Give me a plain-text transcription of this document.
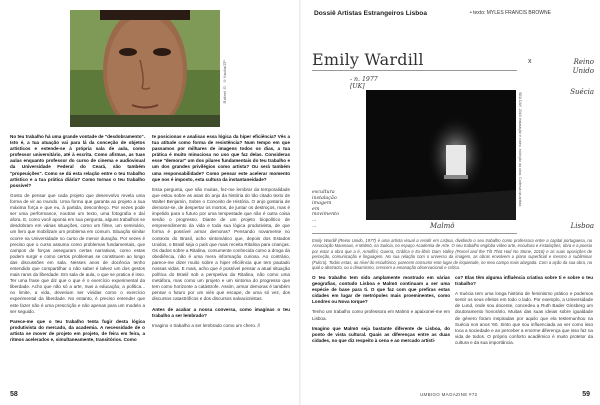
Rafael G. ©Nadia/ZP

No teu trabalho há uma grande vontade de "desdobramento". Isto é, a tua atuação vai para lá da conceção de objetos artísticos e estende-se à própria sala de aula, como professor universitário, até à escrita. Como afirmas, as tuas aulas enquanto professor do curso de cinema e audiovisual da Universidade Federal do Ceará, são também "propeuições". Como se dá esta relação entre o teu trabalho artístico e a tua prática diária? Como tornas o teu trabalho possível?

Gosto de pensar que cada projeto que desenvolvo revela uma forma de vir ao mundo. Uma forma que garanta ao projeto a sua máxima força e que eu, à partida, desconheço. Por vezes pode ser uma performance, noutras um texto, uma fotografia e daí afora. E, como você aponta em sua pergunta, alguns trabalhos se desdobram em várias situações, como um filme, um seminário, um livro que mobilizam um problema em comum. Situação similar ocorre na Universidade no curso de menor duração. Por vezes é preciso que o curso assuma como problemas fundamentais, que campos de forças asseguram certas narrativas, como estas podem surgir e como certos problemas se constituem ao longo das discussões em sala. Nesses anos de docência tenho entendido que compartilhar o não saber é talvez um dos gestos mais raros da liberdade. Em sala de aula, o que se pratica é isso. Ter uma frase que diz que o que é o exercício experimental da liberdade. Acho que não só a arte, mas a educação, a política... no limite, a vida, deveriam ser vividas como o exercício experimental da liberdade. No entanto, é preciso entender que este fazer não é uma prescrição e não apenas para um modelo a ser seguido.

Parece-me que o teu trabalho tenta fugir desta lógica produtivista do mercado, da academia. A necessidade de o artista se mover de projeto em projeto, de feira em feira, a ritmos acelerados e, simultaneamente, transitórios. Como

te posicionas e analisas essa lógica da hiper eficiência? Vês a tua atitude como forma de resistência? Num tempo em que passamos por milhares de imagens todos os dias, a tua prática é muito minuciosa no uso que faz delas. Consideras esse "demorar" um dos pilares fundamentais do teu trabalho e um dos grandes privilégios como artista? Ou será também uma responsabilidade? Como pensar este acelerar momento que nos é imposto, esta cultura da instantaneidade?

Essa pergunta, que são muitas, fez-me lembrar da temporalidade que estou sobre as asas do anjo da história do tão citado texto de Walter Benjamin, Sobre o Conceito de História. O anjo gostaria de demorar-se, de despertar os mortos, de juntar os destroços, mas é impelido para o futuro por uma tempestade que não é outra coisa senão o progresso. Diante de um projeto biopolítico de empreendimento da vida e toda sua lógica produtivista, de que forma é possível armar demoras? Pensando novamente no contexto do Brasil, acho sintomático que, depois dos Estados Unidos, o Brasil seja o país que mais receita Ritalina para crianças. Os dados sobre a Ritalina, comumente conhecida como a droga da obediência, não é uma mera informação curiosa. Ao contrário, parece-me dizer muito sobre a hiper eficiência que tem pautado nossas vidas. E mais, acho que é possível pensar a atual situação política do Brasil sob a perspetiva da Ritalina, não como uma metáfora, mas como um projeto e um sintoma do progresso que tem como horizonte a catástrofe. Assim, armar demoras é também pensar o futuro por um viés que escape, de uma só vez, dos discursos catastróficos e dos discursos salvacionistas.

Antes de acabar a nossa conversa, como imaginas o teu trabalho a ser lembrado?

Imagino o trabalho a ser lembrado como um chero. //

58
Dossiê Artistas Estrangeiros Lisboa	• texto: MYLES FRANCIS BROWNE
Emily Wardill
- n. 1977
[UK]
x	Reino
Unido
Suécia
SEA DAY, 2016 Instalação e vídeo, exibição da obra. Cortesia da artista
escultura
instalação
imagem
em
movimento
...
...	Malmö	Lisboa
Emily Wardill (Reino Unido, 1977) é uma artista visual a residir em Lisboa, dividindo o seu trabalho como professora entre a capital portuguesa, na Associação Maumaus, e Malmö, na Suécia, no espaço Academia de Arte. O seu trabalho engloba vídeo arte, escultura e instalações, obra e a poesia por estar a obra que a é, Arnolfini, Guerra, Gráfica e Ex-libris Dam Valley (Porcel and the Tilt That Had No Stone, 2016) e as suas oposições de perceção, comunicação e linguagem. No sua relação com o universo da imagem, as obras envolvem o plano superficial e mesmo o subliminar (Fulcro). Todas estas, ao nível do escultórico, parecem consumir este lugar de inquietude, no meu campo mais alargada. Com a ação da sua obra, na qual o abstracto, ou o dinamismo, crescem a emanação observacional e crítica.

O teu trabalho tem sido amplamente mostrado em várias geografias, contudo Lisboa e Malmö continuam a ser uma espécie de base para ti. O que faz com que prefiras estas cidades em lugar de metrópoles mais proeminentes, como Londres ou Nova Iorque?

Tenho um trabalho como professora em Malmö e apaixonei-me em Lisboa.

Imagino que Malmö seja bastante diferente de Lisboa, do ponto de vista cultural. Quais as diferenças entre as duas cidades, no que diz respeito à cena e ao mercado artísti-

co? Elas têm alguma influência criativa sobre ti e sobre o teu trabalho?

A Suécia tem uma longa história de feminismo prático e podemos sentir os seus efeitos em todo o lado. Por exemplo, a Universidade de Lund, onde sou docente, concedeu a Ruth Bader Ginsberg um doutoramento honorário. Muitas das suas ideias sobre igualdade de género foram inspiradas por aquilo que ela testemunhou na Suécia nos anos '60. Sinto que sou influenciada ao ver como isso toca a sociedade e ao perceber a enorme diferença que isso faz na vida de todos. O próprio conforto acadêmico é muito protetor da cultura e da sua importância.

59
UMBIGO MAGAZINE #72
